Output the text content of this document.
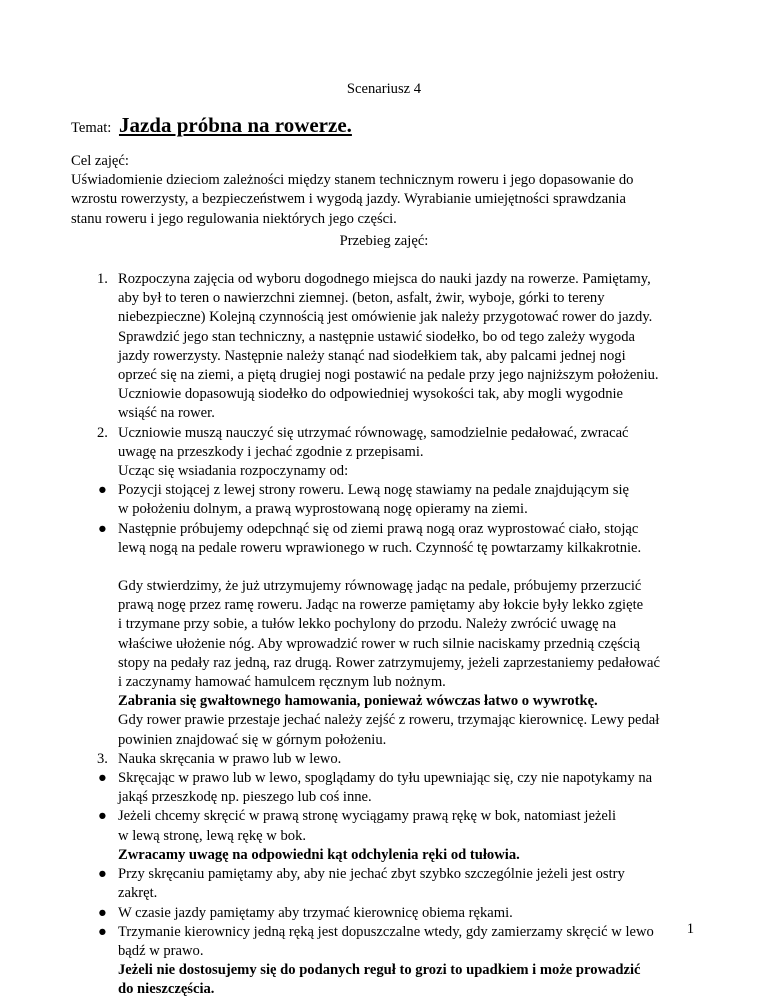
Scenariusz 4
Temat: Jazda próbna na rowerze.
Cel zajęć:
Uświadomienie dzieciom zależności między stanem technicznym roweru i jego dopasowanie do
wzrostu rowerzysty, a bezpieczeństwem i wygodą jazdy. Wyrabianie umiejętności sprawdzania
stanu roweru i jego regulowania niektórych jego części.
Przebieg zajęć:
1. Rozpoczyna zajęcia od wyboru dogodnego miejsca do nauki jazdy na rowerze. Pamiętamy,
aby był to teren o nawierzchni ziemnej. (beton, asfalt, żwir, wyboje, górki to tereny
niebezpieczne) Kolejną czynnością jest omówienie jak należy przygotować rower do jazdy.
Sprawdzić jego stan techniczny, a następnie ustawić siodełko, bo od tego zależy wygoda
jazdy rowerzysty. Następnie należy stanąć nad siodełkiem tak, aby palcami jednej nogi
oprzeć się na ziemi, a piętą drugiej nogi postawić na pedale przy jego najniższym położeniu.
Uczniowie dopasowują siodełko do odpowiedniej wysokości tak, aby mogli wygodnie
wsiąść na rower.
2. Uczniowie muszą nauczyć się utrzymać równowagę, samodzielnie pedałować, zwracać
uwagę na przeszkody i jechać zgodnie z przepisami.
Ucząc się wsiadania rozpoczynamy od:
● Pozycji stojącej z lewej strony roweru. Lewą nogę stawiamy na pedale znajdującym się
w położeniu dolnym, a prawą wyprostowaną nogę opieramy na ziemi.
● Następnie próbujemy odepchnąć się od ziemi prawą nogą oraz wyprostować ciało, stojąc
lewą nogą na pedale roweru wprawionego w ruch. Czynność tę powtarzamy kilkakrotnie.
Gdy stwierdzimy, że już utrzymujemy równowagę jadąc na pedale, próbujemy przerzucić
prawą nogę przez ramę roweru. Jadąc na rowerze pamiętamy aby łokcie były lekko zgięte
i trzymane przy sobie, a tułów lekko pochylony do przodu. Należy zwrócić uwagę na
właściwe ułożenie nóg. Aby wprowadzić rower w ruch silnie naciskamy przednią częścią
stopy na pedały raz jedną, raz drugą. Rower zatrzymujemy, jeżeli zaprzestaniemy pedałować
i zaczynamy hamować hamulcem ręcznym lub nożnym.
Zabrania się gwałtownego hamowania, ponieważ wówczas łatwo o wywrotkę.
Gdy rower prawie przestaje jechać należy zejść z roweru, trzymając kierownicę. Lewy pedał
powinien znajdować się w górnym położeniu.
3. Nauka skręcania w prawo lub w lewo.
● Skręcając w prawo lub w lewo, spoglądamy do tyłu upewniając się, czy nie napotykamy na
jakąś przeszkodę np. pieszego lub coś inne.
● Jeżeli chcemy skręcić w prawą stronę wyciągamy prawą rękę w bok, natomiast jeżeli
w lewą stronę, lewą rękę w bok.
Zwracamy uwagę na odpowiedni kąt odchylenia ręki od tułowia.
● Przy skręcaniu pamiętamy aby, aby nie jechać zbyt szybko szczególnie jeżeli jest ostry
zakręt.
● W czasie jazdy pamiętamy aby trzymać kierownicę obiema rękami.
● Trzymanie kierownicy jedną ręką jest dopuszczalne wtedy, gdy zamierzamy skręcić w lewo
bądź w prawo.
Jeżeli nie dostosujemy się do podanych reguł to grozi to upadkiem i może prowadzić
do nieszczęścia.
1
